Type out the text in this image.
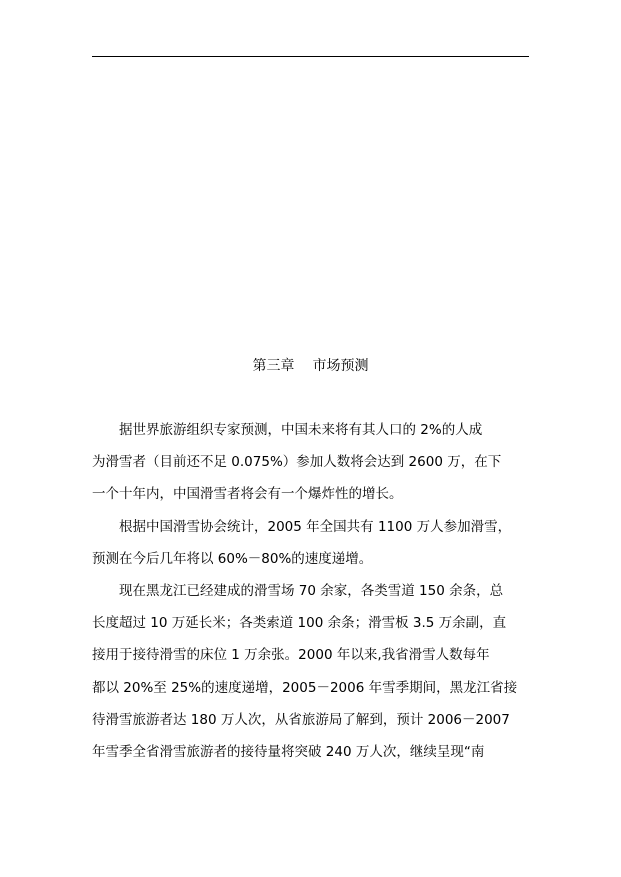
第三章 市场预测
据世界旅游组织专家预测，中国未来将有其人口的 2%的人成
为滑雪者（目前还不足 0.075%）参加人数将会达到 2600 万，在下
一个十年内，中国滑雪者将会有一个爆炸性的增长。
根据中国滑雪协会统计，2005 年全国共有 1100 万人参加滑雪，
预测在今后几年将以 60%－80%的速度递增。
现在黑龙江已经建成的滑雪场 70 余家，各类雪道 150 余条，总
长度超过 10 万延长米；各类索道 100 余条；滑雪板 3.5 万余副，直
接用于接待滑雪的床位 1 万余张。2000 年以来,我省滑雪人数每年
都以 20%至 25%的速度递增，2005－2006 年雪季期间，黑龙江省接
待滑雪旅游者达 180 万人次，从省旅游局了解到，预计 2006－2007
年雪季全省滑雪旅游者的接待量将突破 240 万人次，继续呈现“南
